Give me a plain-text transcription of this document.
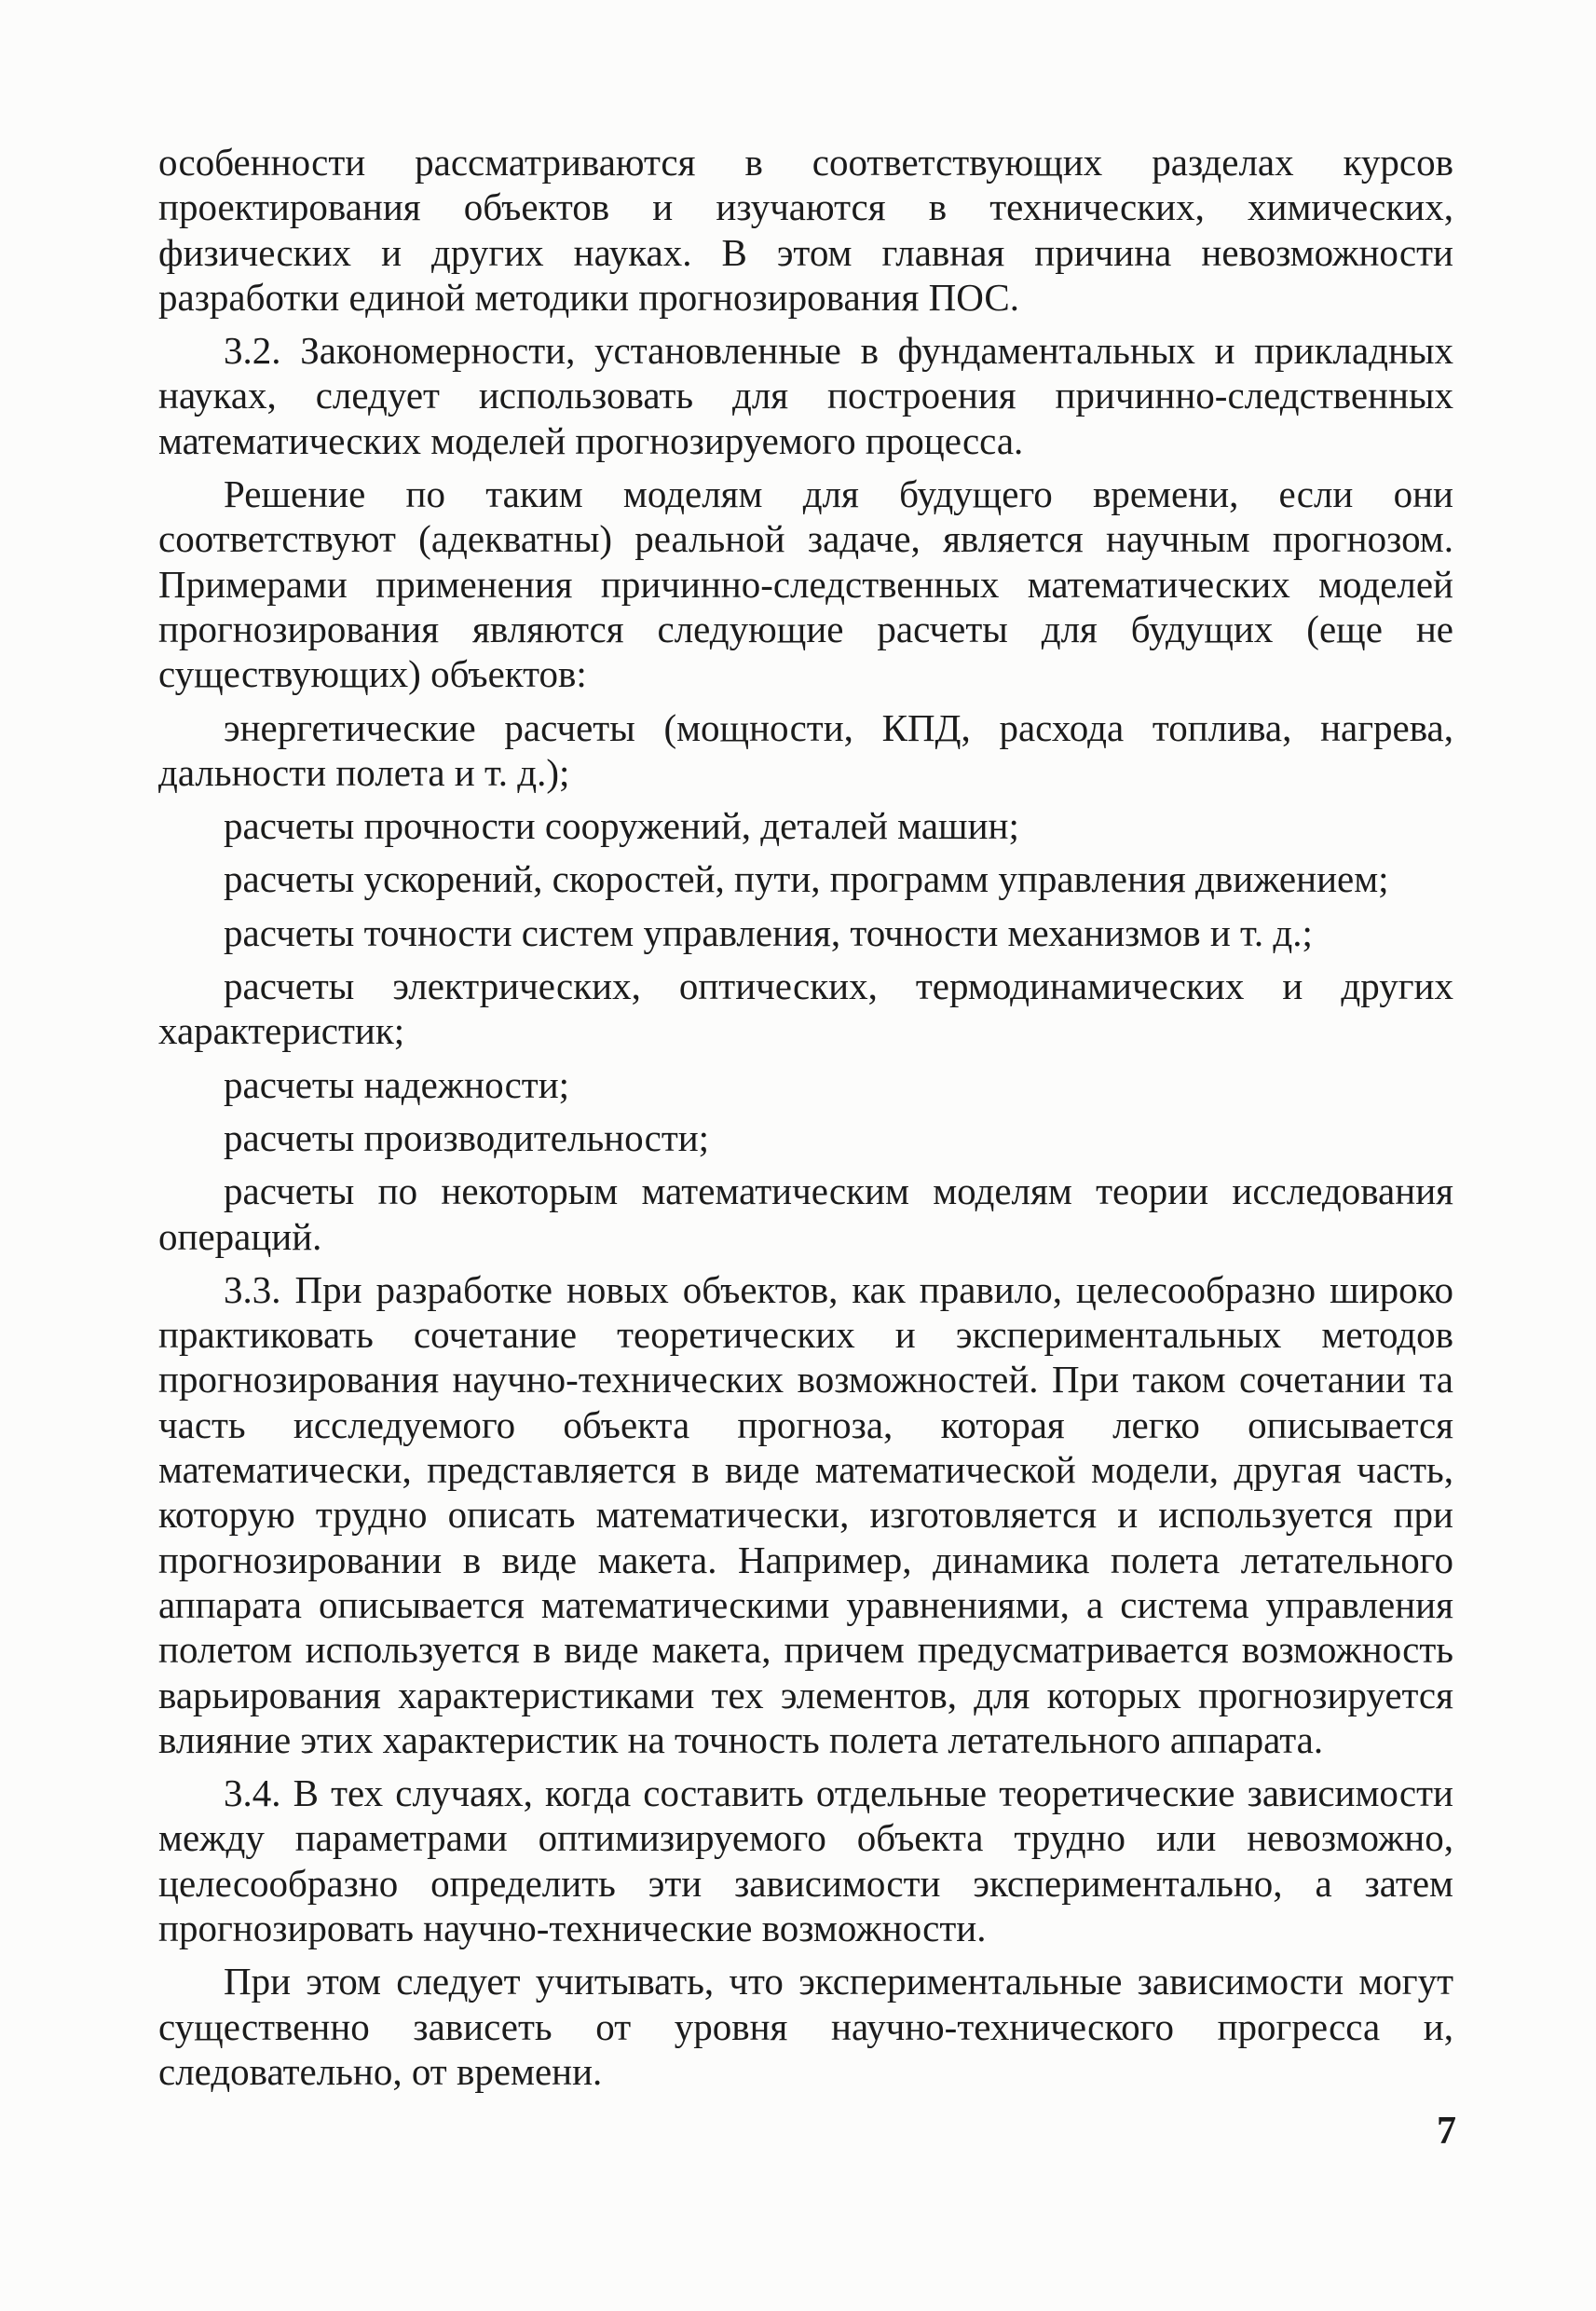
особенности рассматриваются в соответствующих разделах курсов проектирования объектов и изучаются в технических, химических, физических и других науках. В этом главная причина невозможности разработки единой методики прогнозирования ПОС.

3.2. Закономерности, установленные в фундаментальных и прикладных науках, следует использовать для построения причинно-следственных математических моделей прогнозируемого процесса.

Решение по таким моделям для будущего времени, если они соответствуют (адекватны) реальной задаче, является научным прогнозом. Примерами применения причинно-следственных математических моделей прогнозирования являются следующие расчеты для будущих (еще не существующих) объектов:

энергетические расчеты (мощности, КПД, расхода топлива, нагрева, дальности полета и т. д.);

расчеты прочности сооружений, деталей машин;

расчеты ускорений, скоростей, пути, программ управления движением;

расчеты точности систем управления, точности механизмов и т. д.;

расчеты электрических, оптических, термодинамических и других характеристик;

расчеты надежности;

расчеты производительности;

расчеты по некоторым математическим моделям теории исследования операций.

3.3. При разработке новых объектов, как правило, целесообразно широко практиковать сочетание теоретических и экспериментальных методов прогнозирования научно-технических возможностей. При таком сочетании та часть исследуемого объекта прогноза, которая легко описывается математически, представляется в виде математической модели, другая часть, которую трудно описать математически, изготовляется и используется при прогнозировании в виде макета. Например, динамика полета летательного аппарата описывается математическими уравнениями, а система управления полетом используется в виде макета, причем предусматривается возможность варьирования характеристиками тех элементов, для которых прогнозируется влияние этих характеристик на точность полета летательного аппарата.

3.4. В тех случаях, когда составить отдельные теоретические зависимости между параметрами оптимизируемого объекта трудно или невозможно, целесообразно определить эти зависимости экспериментально, а затем прогнозировать научно-технические возможности.

При этом следует учитывать, что экспериментальные зависимости могут существенно зависеть от уровня научно-технического прогресса и, следовательно, от времени.

7
